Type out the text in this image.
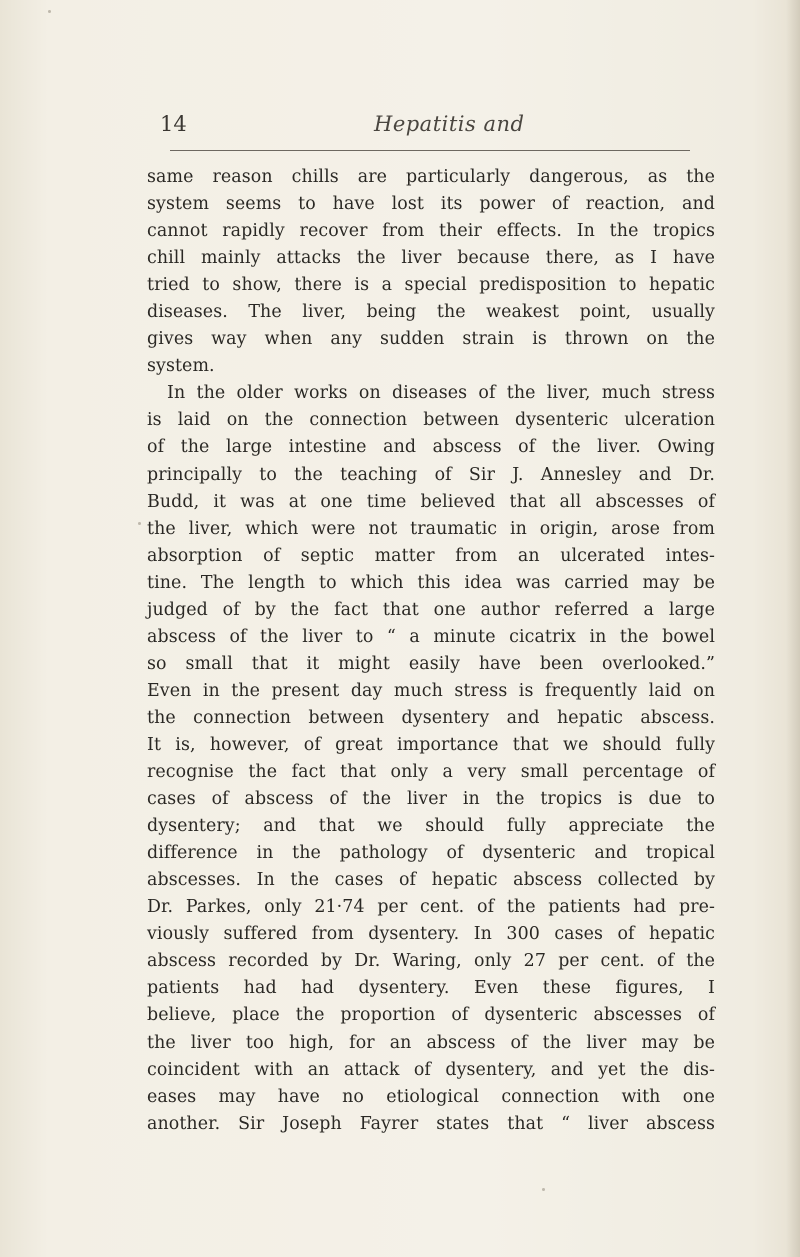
14	Hepatitis and
same reason chills are particularly dangerous, as the
system seems to have lost its power of reaction, and
cannot rapidly recover from their effects. In the tropics
chill mainly attacks the liver because there, as I have
tried to show, there is a special predisposition to hepatic
diseases. The liver, being the weakest point, usually
gives way when any sudden strain is thrown on the
system.
In the older works on diseases of the liver, much stress
is laid on the connection between dysenteric ulceration
of the large intestine and abscess of the liver. Owing
principally to the teaching of Sir J. Annesley and Dr.
Budd, it was at one time believed that all abscesses of
the liver, which were not traumatic in origin, arose from
absorption of septic matter from an ulcerated intes-
tine. The length to which this idea was carried may be
judged of by the fact that one author referred a large
abscess of the liver to “ a minute cicatrix in the bowel
so small that it might easily have been overlooked.”
Even in the present day much stress is frequently laid on
the connection between dysentery and hepatic abscess.
It is, however, of great importance that we should fully
recognise the fact that only a very small percentage of
cases of abscess of the liver in the tropics is due to
dysentery; and that we should fully appreciate the
difference in the pathology of dysenteric and tropical
abscesses. In the cases of hepatic abscess collected by
Dr. Parkes, only 21·74 per cent. of the patients had pre-
viously suffered from dysentery. In 300 cases of hepatic
abscess recorded by Dr. Waring, only 27 per cent. of the
patients had had dysentery. Even these figures, I
believe, place the proportion of dysenteric abscesses of
the liver too high, for an abscess of the liver may be
coincident with an attack of dysentery, and yet the dis-
eases may have no etiological connection with one
another. Sir Joseph Fayrer states that “ liver abscess
